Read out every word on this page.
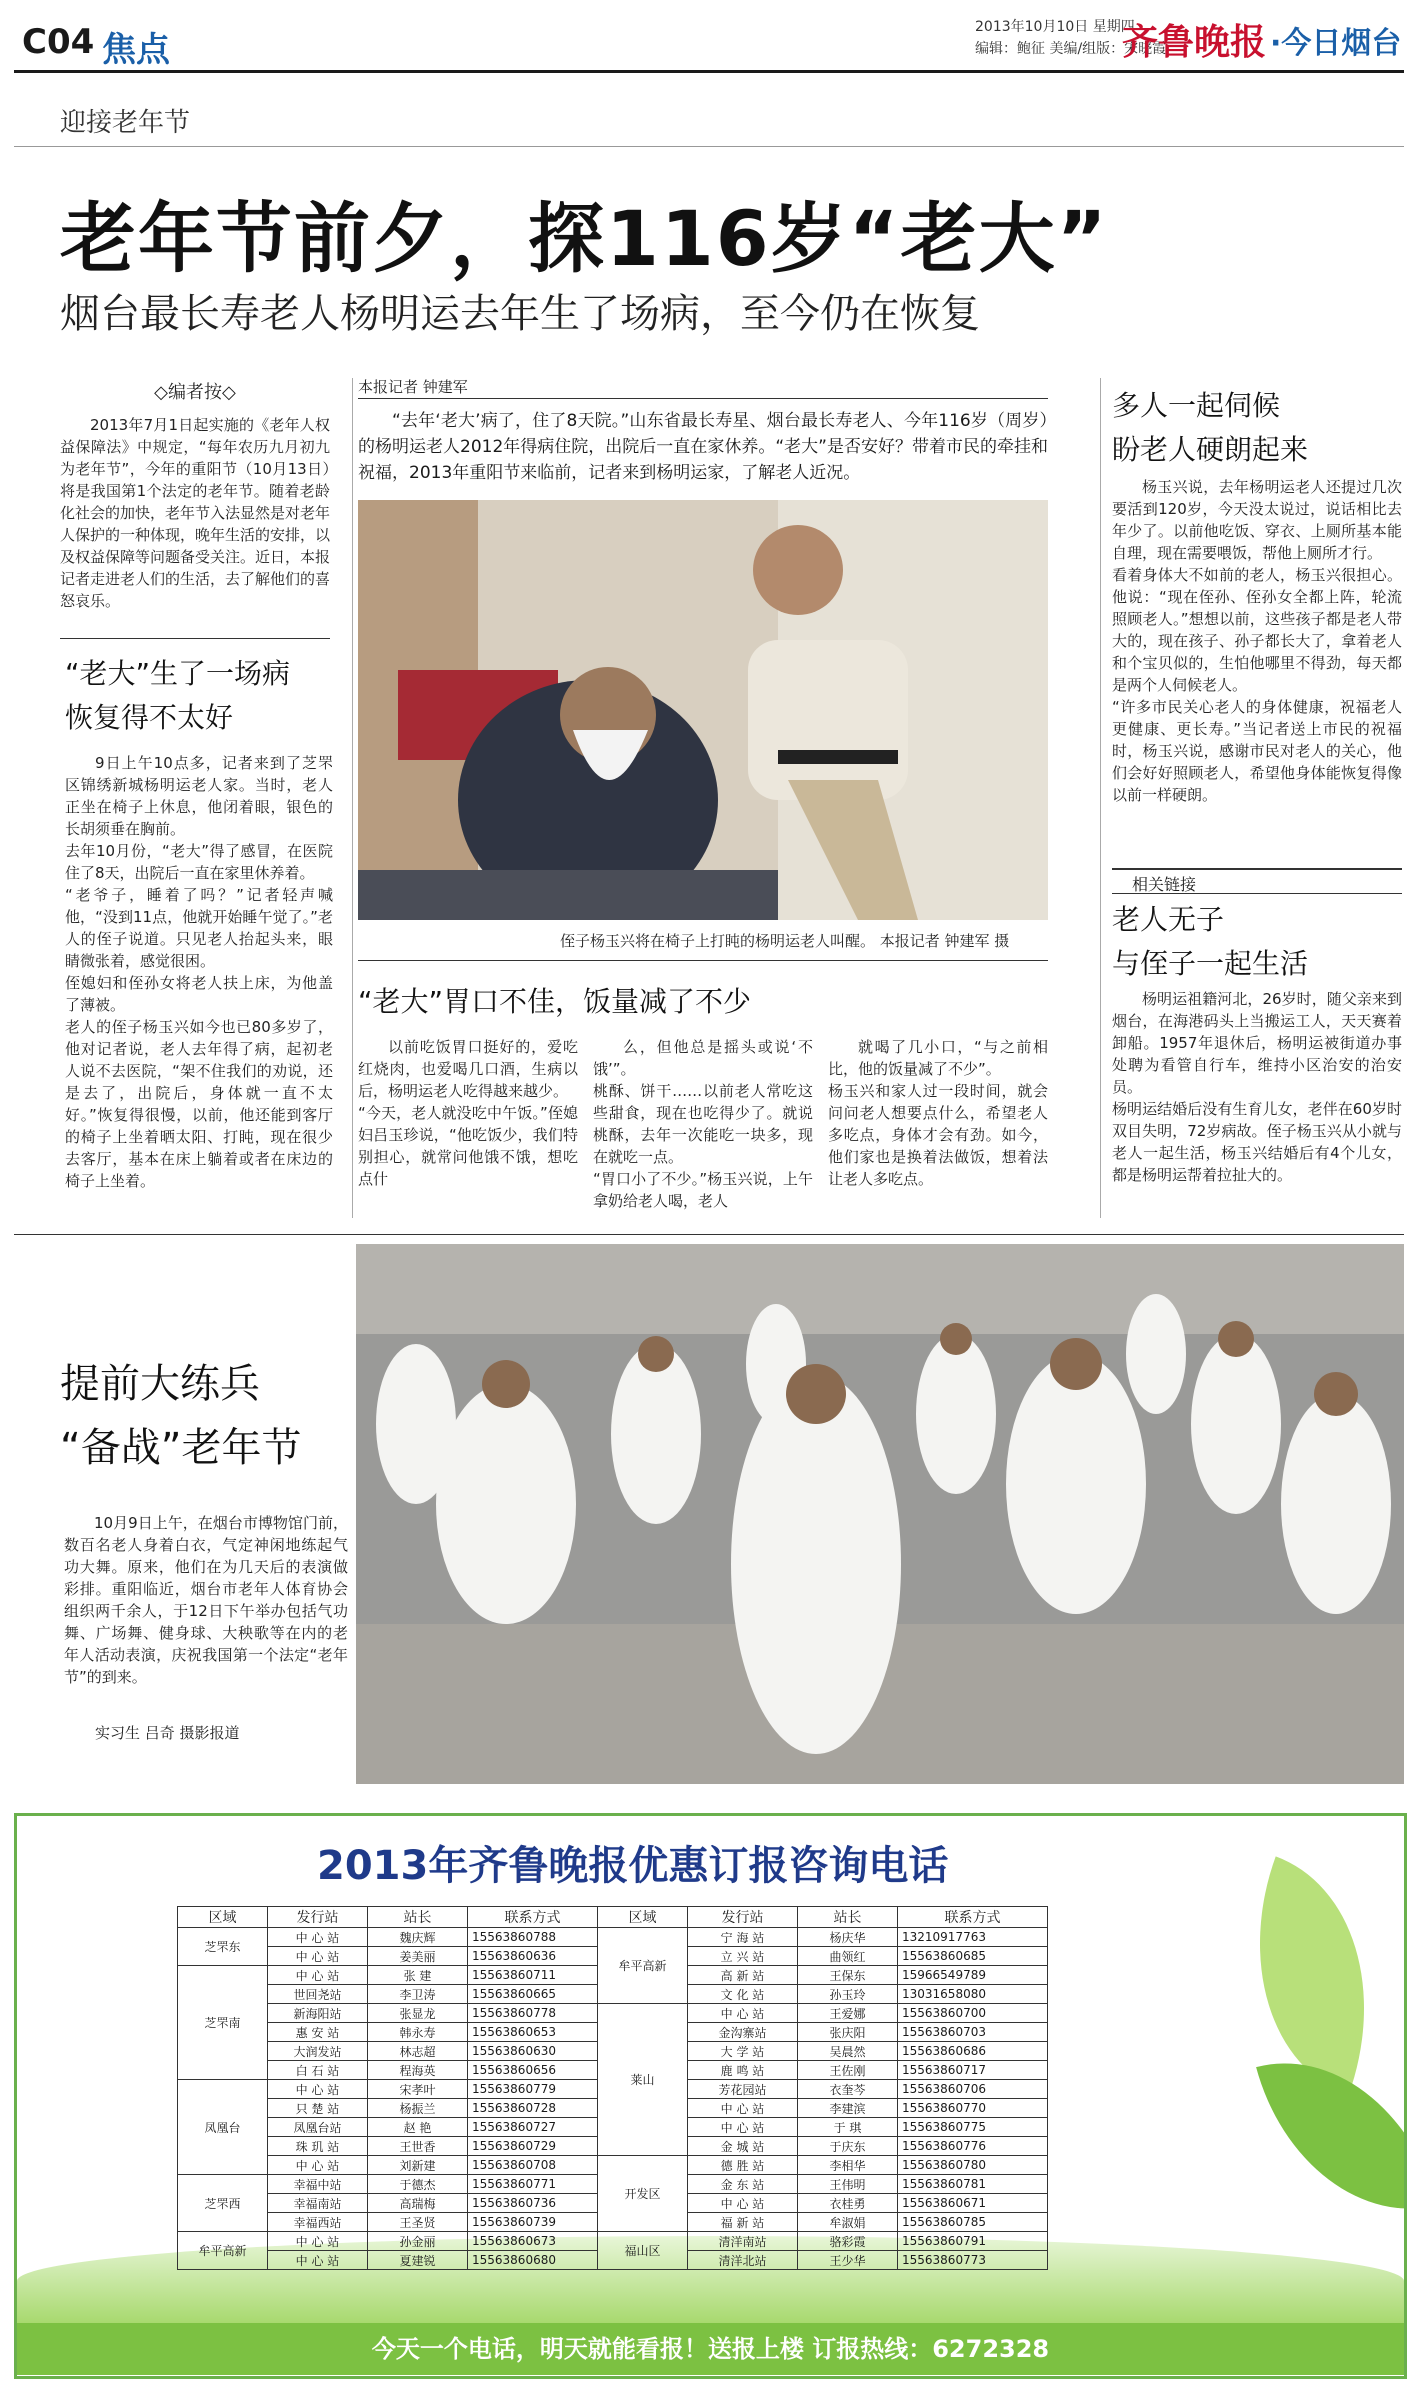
C04 焦点
2013年10月10日 星期四
编辑：鲍征 美编/组版：宋晓霞
齐鲁晚报 ·今日烟台
迎接老年节
老年节前夕，探116岁“老大”
烟台最长寿老人杨明运去年生了场病，至今仍在恢复
◇编者按◇
2013年7月1日起实施的《老年人权益保障法》中规定，“每年农历九月初九为老年节”，今年的重阳节（10月13日）将是我国第1个法定的老年节。随着老龄化社会的加快，老年节入法显然是对老年人保护的一种体现，晚年生活的安排，以及权益保障等问题备受关注。近日，本报记者走进老人们的生活，去了解他们的喜怒哀乐。
“老大”生了一场病
恢复得不太好
9日上午10点多，记者来到了芝罘区锦绣新城杨明运老人家。当时，老人正坐在椅子上休息，他闭着眼，银色的长胡须垂在胸前。
去年10月份，“老大”得了感冒，在医院住了8天，出院后一直在家里休养着。
“老爷子，睡着了吗？”记者轻声喊他，“没到11点，他就开始睡午觉了。”老人的侄子说道。只见老人抬起头来，眼睛微张着，感觉很困。
侄媳妇和侄孙女将老人扶上床，为他盖了薄被。
老人的侄子杨玉兴如今也已80多岁了，他对记者说，老人去年得了病，起初老人说不去医院，“架不住我们的劝说，还是去了，出院后，身体就一直不太好。”恢复得很慢，以前，他还能到客厅的椅子上坐着晒太阳、打盹，现在很少去客厅，基本在床上躺着或者在床边的椅子上坐着。
本报记者 钟建军
“去年‘老大’病了，住了8天院。”山东省最长寿星、烟台最长寿老人、今年116岁（周岁）的杨明运老人2012年得病住院，出院后一直在家休养。“老大”是否安好？带着市民的牵挂和祝福，2013年重阳节来临前，记者来到杨明运家，了解老人近况。
侄子杨玉兴将在椅子上打盹的杨明运老人叫醒。 本报记者 钟建军 摄
“老大”胃口不佳，饭量减了不少
以前吃饭胃口挺好的，爱吃红烧肉，也爱喝几口酒，生病以后，杨明运老人吃得越来越少。
“今天，老人就没吃中午饭。”侄媳妇吕玉珍说，“他吃饭少，我们特别担心，就常问他饿不饿，想吃点什
么，但他总是摇头或说‘不饿’”。
桃酥、饼干……以前老人常吃这些甜食，现在也吃得少了。就说桃酥，去年一次能吃一块多，现在就吃一点。
“胃口小了不少。”杨玉兴说，上午拿奶给老人喝，老人
就喝了几小口，“与之前相比，他的饭量减了不少”。
杨玉兴和家人过一段时间，就会问问老人想要点什么，希望老人多吃点，身体才会有劲。如今，他们家也是换着法做饭，想着法让老人多吃点。
多人一起伺候
盼老人硬朗起来
杨玉兴说，去年杨明运老人还提过几次要活到120岁，今天没太说过，说话相比去年少了。以前他吃饭、穿衣、上厕所基本能自理，现在需要喂饭，帮他上厕所才行。
看着身体大不如前的老人，杨玉兴很担心。他说：“现在侄孙、侄孙女全都上阵，轮流照顾老人。”想想以前，这些孩子都是老人带大的，现在孩子、孙子都长大了，拿着老人和个宝贝似的，生怕他哪里不得劲，每天都是两个人伺候老人。
“许多市民关心老人的身体健康，祝福老人更健康、更长寿。”当记者送上市民的祝福时，杨玉兴说，感谢市民对老人的关心，他们会好好照顾老人，希望他身体能恢复得像以前一样硬朗。
相关链接
老人无子
与侄子一起生活
杨明运祖籍河北，26岁时，随父亲来到烟台，在海港码头上当搬运工人，天天赛着卸船。1957年退休后，杨明运被街道办事处聘为看管自行车，维持小区治安的治安员。
杨明运结婚后没有生育儿女，老伴在60岁时双目失明，72岁病故。侄子杨玉兴从小就与老人一起生活，杨玉兴结婚后有4个儿女，都是杨明运帮着拉扯大的。
提前大练兵
“备战”老年节
10月9日上午，在烟台市博物馆门前，数百名老人身着白衣，气定神闲地练起气功大舞。原来，他们在为几天后的表演做彩排。重阳临近，烟台市老年人体育协会组织两千余人，于12日下午举办包括气功舞、广场舞、健身球、大秧歌等在内的老年人活动表演，庆祝我国第一个法定“老年节”的到来。
实习生 吕奇 摄影报道
2013年齐鲁晚报优惠订报咨询电话
区域	发行站	站长	联系方式	区域	发行站	站长	联系方式
芝罘东	中 心 站	魏庆辉	15563860788	牟平高新	宁 海 站	杨庆华	13210917763
	中 心 站	姜美丽	15563860636		立 兴 站	曲领红	15563860685
芝罘南	中 心 站	张 建	15563860711		高 新 站	王保东	15966549789
	世回尧站	李卫涛	15563860665		文 化 站	孙玉玲	13031658080
	新海阳站	张显龙	15563860778	莱山	中 心 站	王爱娜	15563860700
	惠 安 站	韩永寿	15563860653		金沟寨站	张庆阳	15563860703
	大润发站	林志超	15563860630		大 学 站	吴晨然	15563860686
	白 石 站	程海英	15563860656		鹿 鸣 站	王佐刚	15563860717
凤凰台	中 心 站	宋孝叶	15563860779		芳花园站	衣奎芩	15563860706
	只 楚 站	杨振兰	15563860728		中 心 站	李建滨	15563860770
	凤凰台站	赵 艳	15563860727		中 心 站	于 琪	15563860775
	珠 玑 站	王世香	15563860729		金 城 站	于庆东	15563860776
	中 心 站	刘新建	15563860708	开发区	德 胜 站	李相华	15563860780
芝罘西	幸福中站	于德杰	15563860771		金 东 站	王伟明	15563860781
	幸福南站	高瑞梅	15563860736		中 心 站	衣桂勇	15563860671
	幸福西站	王圣贤	15563860739		福 新 站	牟淑娟	15563860785
牟平高新	中 心 站	孙金丽	15563860673	福山区	清洋南站	骆彩霞	15563860791
	中 心 站	夏建锐	15563860680		清洋北站	王少华	15563860773
今天一个电话，明天就能看报！送报上楼 订报热线：6272328
